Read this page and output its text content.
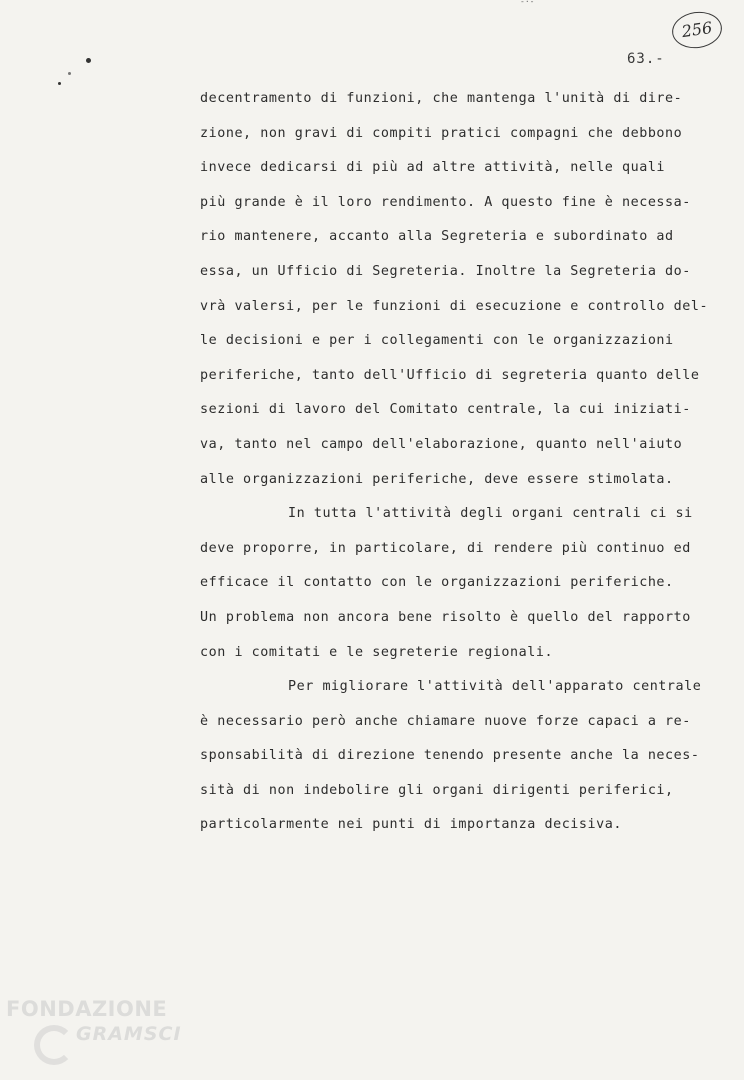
-·-
256
63.-
decentramento di funzioni, che mantenga l'unità di dire-
zione, non gravi di compiti pratici compagni che debbono
invece dedicarsi di più ad altre attività, nelle quali
più grande è il loro rendimento. A questo fine è necessa-
rio mantenere, accanto alla Segreteria e subordinato ad
essa, un Ufficio di Segreteria. Inoltre la Segreteria do-
vrà valersi, per le funzioni di esecuzione e controllo del-
le decisioni e per i collegamenti con le organizzazioni
periferiche, tanto dell'Ufficio di segreteria quanto delle
sezioni di lavoro del Comitato centrale, la cui iniziati-
va, tanto nel campo dell'elaborazione, quanto nell'aiuto
alle organizzazioni periferiche, deve essere stimolata.
In tutta l'attività degli organi centrali ci si
deve proporre, in particolare, di rendere più continuo ed
efficace il contatto con le organizzazioni periferiche.
Un problema non ancora bene risolto è quello del rapporto
con i comitati e le segreterie regionali.
Per migliorare l'attività dell'apparato centrale
è necessario però anche chiamare nuove forze capaci a re-
sponsabilità di direzione tenendo presente anche la neces-
sità di non indebolire gli organi dirigenti periferici,
particolarmente nei punti di importanza decisiva.
FONDAZIONE
GRAMSCI
